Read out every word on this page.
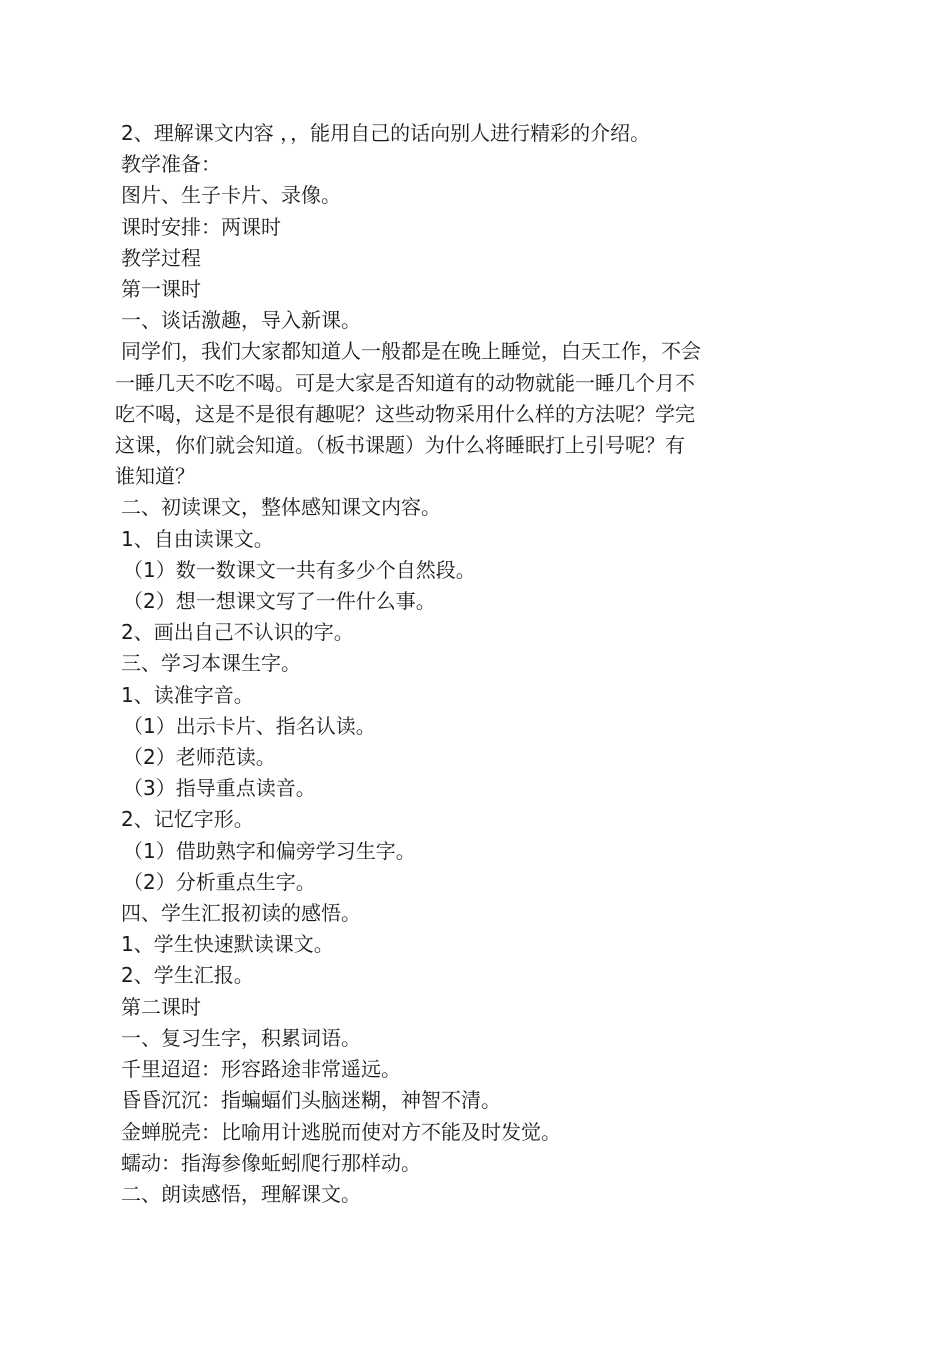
2、理解课文内容 ，，能用自己的话向别人进行精彩的介绍。

教学准备：

图片、生子卡片、录像。

课时安排：两课时

教学过程

第一课时

一、谈话激趣，导入新课。

同学们，我们大家都知道人一般都是在晚上睡觉，白天工作，不会

一睡几天不吃不喝。可是大家是否知道有的动物就能一睡几个月不

吃不喝，这是不是很有趣呢？这些动物采用什么样的方法呢？学完

这课，你们就会知道。（板书课题）为什么将睡眠打上引号呢？有

谁知道？

二、初读课文，整体感知课文内容。

1、自由读课文。

（1）数一数课文一共有多少个自然段。

（2）想一想课文写了一件什么事。

2、画出自己不认识的字。

三、学习本课生字。

1、读准字音。

（1）出示卡片、指名认读。

（2）老师范读。

（3）指导重点读音。

2、记忆字形。

（1）借助熟字和偏旁学习生字。

（2）分析重点生字。

四、学生汇报初读的感悟。

1、学生快速默读课文。

2、学生汇报。

第二课时

一、复习生字，积累词语。

千里迢迢：形容路途非常遥远。

昏昏沉沉：指蝙蝠们头脑迷糊，神智不清。

金蝉脱壳：比喻用计逃脱而使对方不能及时发觉。

蠕动：指海参像蚯蚓爬行那样动。

二、朗读感悟，理解课文。
